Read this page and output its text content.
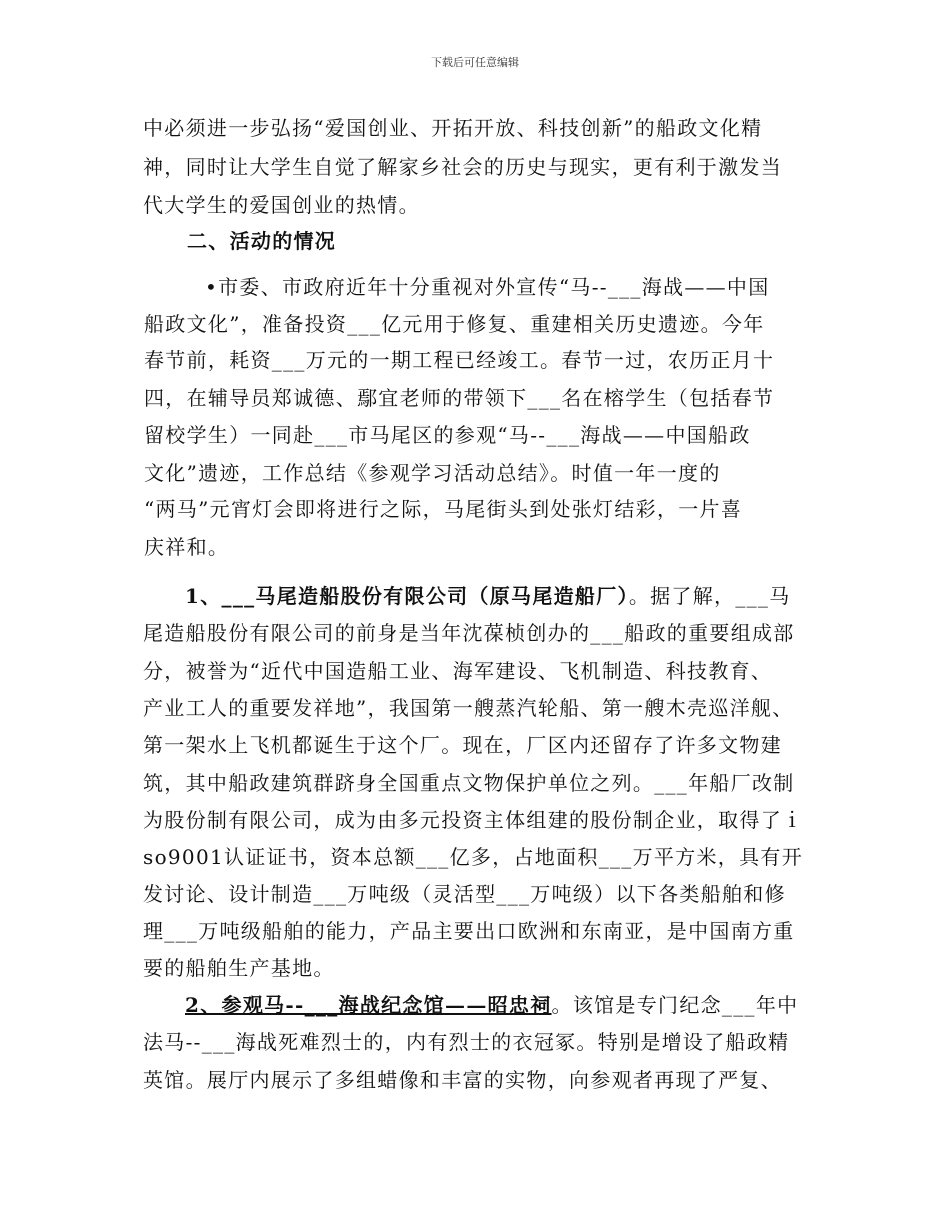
下载后可任意编辑
中必须进一步弘扬“爱国创业、开拓开放、科技创新”的船政文化精
神，同时让大学生自觉了解家乡社会的历史与现实，更有利于激发当
代大学生的爱国创业的热情。
二、活动的情况
•市委、市政府近年十分重视对外宣传“马--___海战——中国
船政文化”，准备投资___亿元用于修复、重建相关历史遗迹。今年
春节前，耗资___万元的一期工程已经竣工。春节一过，农历正月十
四，在辅导员郑诚德、鄢宜老师的带领下___名在榕学生（包括春节
留校学生）一同赴___市马尾区的参观“马--___海战——中国船政
文化”遗迹，工作总结《参观学习活动总结》。时值一年一度的
“两马”元宵灯会即将进行之际，马尾街头到处张灯结彩，一片喜
庆祥和。
1、___马尾造船股份有限公司（原马尾造船厂）。据了解，___马
尾造船股份有限公司的前身是当年沈葆桢创办的___船政的重要组成部
分，被誉为“近代中国造船工业、海军建设、飞机制造、科技教育、
产业工人的重要发祥地”，我国第一艘蒸汽轮船、第一艘木壳巡洋舰、
第一架水上飞机都诞生于这个厂。现在，厂区内还留存了许多文物建
筑，其中船政建筑群跻身全国重点文物保护单位之列。___年船厂改制
为股份制有限公司，成为由多元投资主体组建的股份制企业，取得了ｉ
so9001认证证书，资本总额___亿多，占地面积___万平方米，具有开
发讨论、设计制造___万吨级（灵活型___万吨级）以下各类船舶和修
理___万吨级船舶的能力，产品主要出口欧洲和东南亚，是中国南方重
要的船舶生产基地。
2、参观马--___海战纪念馆——昭忠祠。该馆是专门纪念___年中
法马--___海战死难烈士的，内有烈士的衣冠冢。特别是增设了船政精
英馆。展厅内展示了多组蜡像和丰富的实物，向参观者再现了严复、
